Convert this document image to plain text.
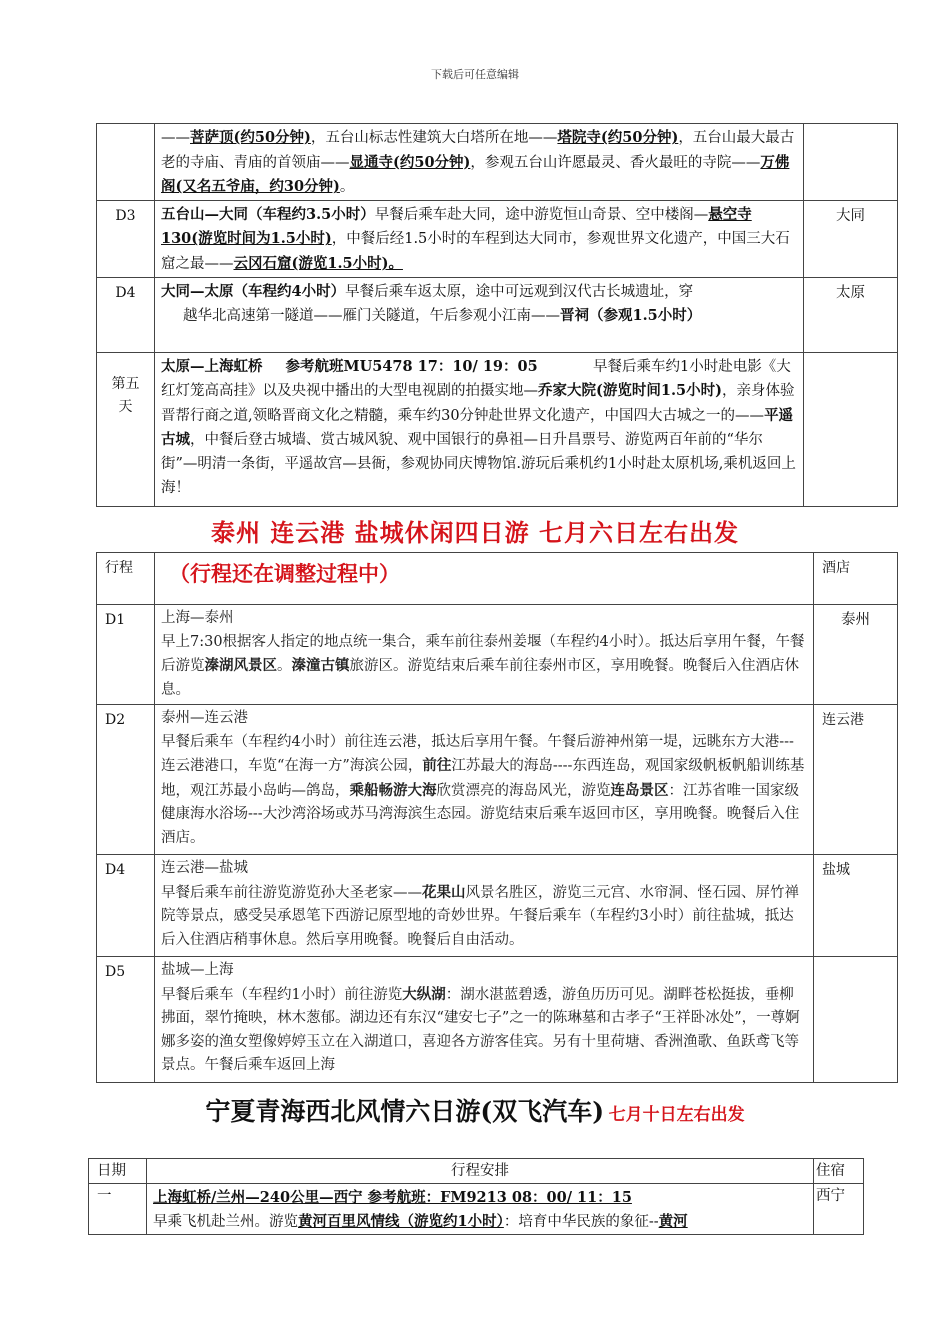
下载后可任意编辑
	——菩萨顶(约50分钟)，五台山标志性建筑大白塔所在地——塔院寺(约50分钟)，五台山最大最古老的寺庙、青庙的首领庙——显通寺(约50分钟)，参观五台山许愿最灵、香火最旺的寺院——万佛阁(又名五爷庙，约30分钟)。	
D3	五台山—大同（车程约3.5小时）早餐后乘车赴大同，途中游览恒山奇景、空中楼阁—悬空寺130(游览时间为1.5小时)，中餐后经1.5小时的车程到达大同市，参观世界文化遗产，中国三大石窟之最——云冈石窟(游览1.5小时)。	大同
D4	大同—太原（车程约4小时）早餐后乘车返太原，途中可远观到汉代古长城遗址，穿
越华北高速第一隧道——雁门关隧道，午后参观小江南——晋祠（参观1.5小时）	太原
第五天	太原—上海虹桥 参考航班MU5478 17：10/ 19：05 早餐后乘车约1小时赴电影《大红灯笼高高挂》以及央视中播出的大型电视剧的拍摄实地—乔家大院(游览时间1.5小时)，亲身体验晋帮行商之道,领略晋商文化之精髓，乘车约30分钟赴世界文化遗产，中国四大古城之一的——平遥古城，中餐后登古城墙、赏古城风貌、观中国银行的鼻祖—日升昌票号、游览两百年前的“华尔街”—明清一条街，平遥故宫—县衙，参观协同庆博物馆.游玩后乘机约1小时赴太原机场,乘机返回上海！	
泰州 连云港 盐城休闲四日游 七月六日左右出发
行程	（行程还在调整过程中）	酒店
D1	上海—泰州
早上7:30根据客人指定的地点统一集合，乘车前往泰州姜堰（车程约4小时）。抵达后享用午餐，午餐后游览溱湖风景区。溱潼古镇旅游区。游览结束后乘车前往泰州市区，享用晚餐。晚餐后入住酒店休息。	泰州
D2	泰州—连云港
早餐后乘车（车程约4小时）前往连云港，抵达后享用午餐。午餐后游神州第一堤，远眺东方大港---连云港港口，车览“在海一方”海滨公园，前往江苏最大的海岛----东西连岛，观国家级帆板帆船训练基地，观江苏最小岛屿—鸽岛，乘船畅游大海欣赏漂亮的海岛风光，游览连岛景区：江苏省唯一国家级健康海水浴场---大沙湾浴场或苏马湾海滨生态园。游览结束后乘车返回市区，享用晚餐。晚餐后入住酒店。	连云港
D4	连云港—盐城
早餐后乘车前往游览游览孙大圣老家——花果山风景名胜区，游览三元宫、水帘洞、怪石园、屏竹禅院等景点，感受吴承恩笔下西游记原型地的奇妙世界。午餐后乘车（车程约3小时）前往盐城，抵达后入住酒店稍事休息。然后享用晚餐。晚餐后自由活动。	盐城
D5	盐城—上海
早餐后乘车（车程约1小时）前往游览大纵湖：湖水湛蓝碧透，游鱼历历可见。湖畔苍松挺拔，垂柳拂面，翠竹掩映，林木葱郁。湖边还有东汉“建安七子”之一的陈琳墓和古孝子“王祥卧冰处”，一尊婀娜多姿的渔女塑像婷婷玉立在入湖道口，喜迎各方游客佳宾。另有十里荷塘、香洲渔歌、鱼跃鸢飞等景点。午餐后乘车返回上海	
宁夏青海西北风情六日游(双飞汽车) 七月十日左右出发
日期	行程安排	住宿
一	上海虹桥/兰州—240公里—西宁 参考航班：FM9213 08：00/ 11：15
早乘飞机赴兰州。游览黄河百里风情线（游览约1小时）：培育中华民族的象征--黄河	西宁
